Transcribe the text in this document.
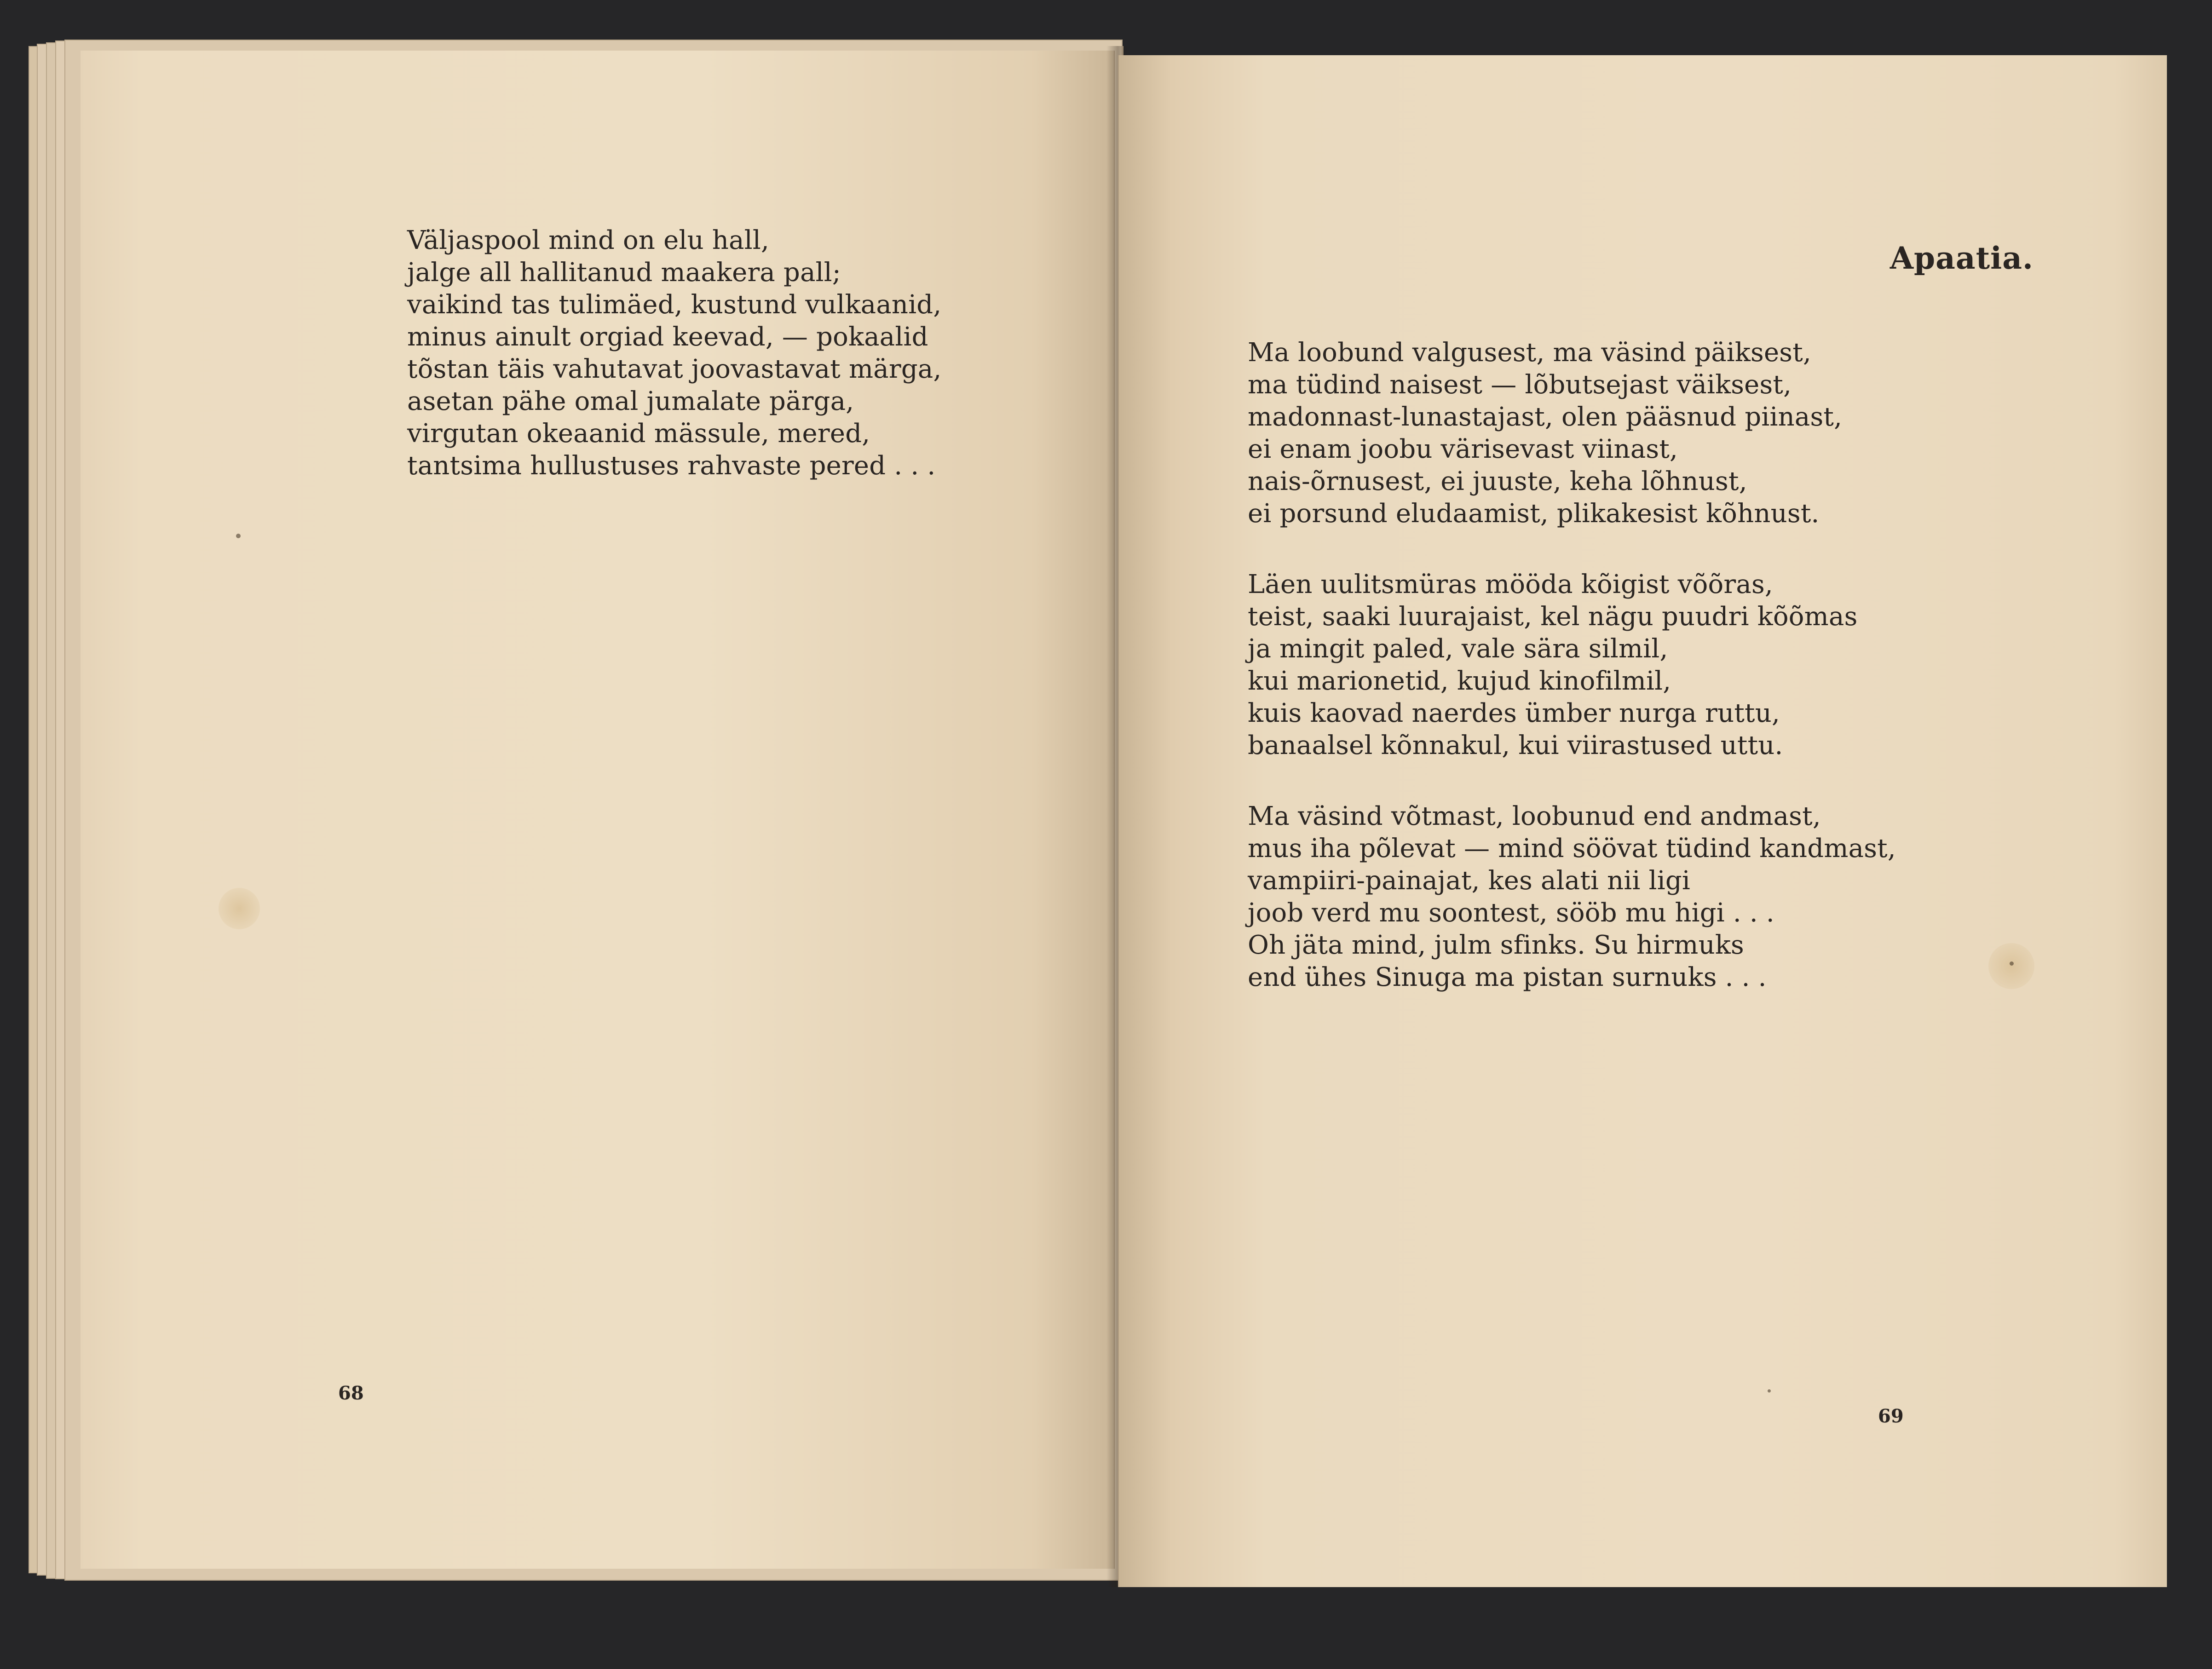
Väljaspool mind on elu hall,
jalge all hallitanud maakera pall;
vaikind tas tulimäed, kustund vulkaanid,
minus ainult orgiad keevad, — pokaalid
tõstan täis vahutavat joovastavat märga,
asetan pähe omal jumalate pärga,
virgutan okeaanid mässule, mered,
tantsima hullustuses rahvaste pered . . .
68
Apaatia.
Ma loobund valgusest, ma väsind päiksest,
ma tüdind naisest — lõbutsejast väiksest,
madonnast-lunastajast, olen pääsnud piinast,
ei enam joobu värisevast viinast,
nais-õrnusest, ei juuste, keha lõhnust,
ei porsund eludaamist, plikakesist kõhnust.
Läen uulitsmüras mööda kõigist võõras,
teist, saaki luurajaist, kel nägu puudri kõõmas
ja mingit paled, vale sära silmil,
kui marionetid, kujud kinofilmil,
kuis kaovad naerdes ümber nurga ruttu,
banaalsel kõnnakul, kui viirastused uttu.
Ma väsind võtmast, loobunud end andmast,
mus iha põlevat — mind söövat tüdind kandmast,
vampiiri-painajat, kes alati nii ligi
joob verd mu soontest, sööb mu higi . . .
Oh jäta mind, julm sfinks. Su hirmuks
end ühes Sinuga ma pistan surnuks . . .
69
